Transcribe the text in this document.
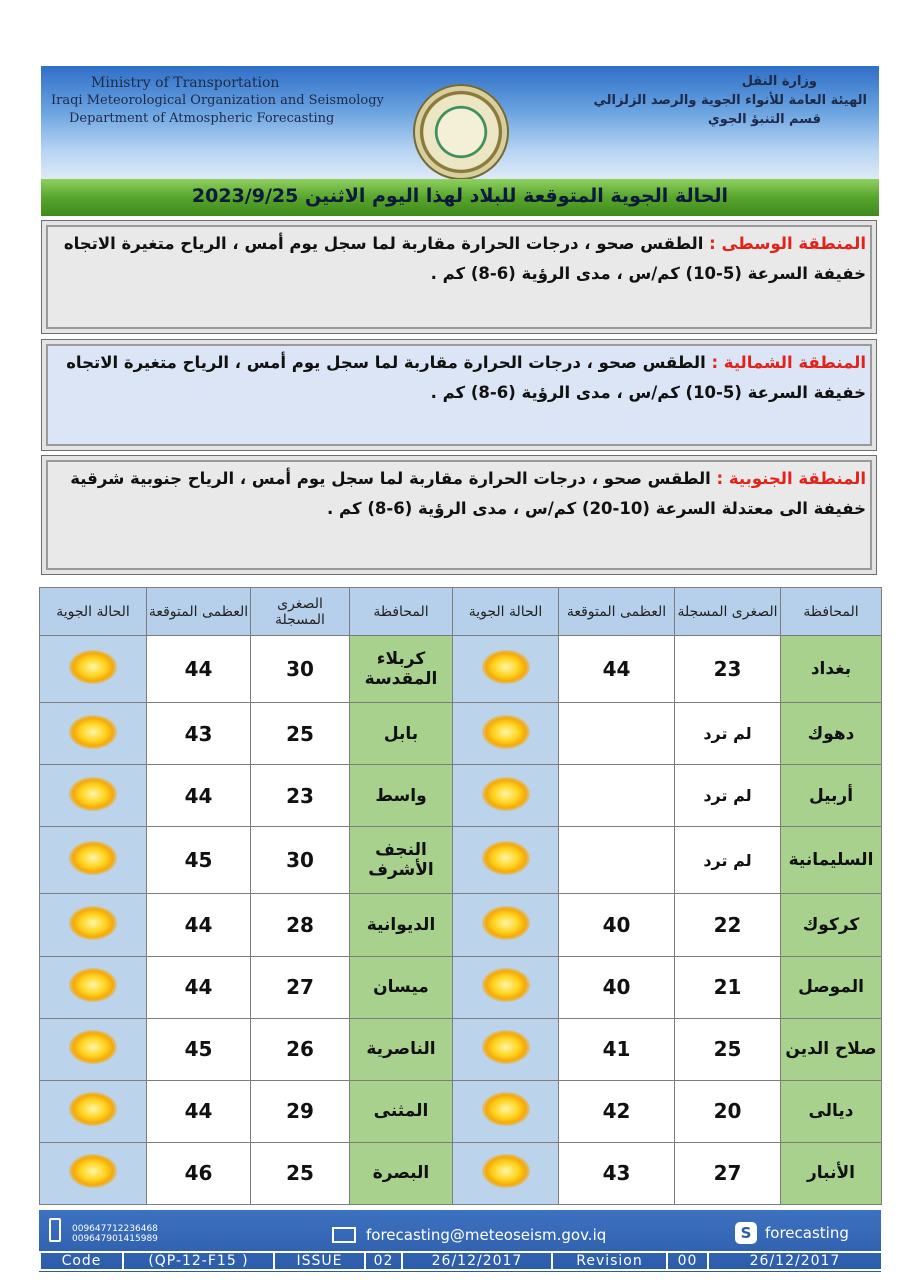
Ministry of Transportation
Iraqi Meteorological Organization and Seismology
Department of Atmospheric Forecasting
وزارة النقل
الهيئة العامة للأنواء الجوية والرصد الزلزالي
قسم التنبؤ الجوي
الحالة الجوية المتوقعة للبلاد لهذا اليوم الاثنين 2023/9/25
المنطقة الوسطى : الطقس صحو ، درجات الحرارة مقاربة لما سجل يوم أمس ، الرياح متغيرة الاتجاه خفيفة السرعة (5-10) كم/س ، مدى الرؤية (6-8) كم .
المنطقة الشمالية : الطقس صحو ، درجات الحرارة مقاربة لما سجل يوم أمس ، الرياح متغيرة الاتجاه خفيفة السرعة (5-10) كم/س ، مدى الرؤية (6-8) كم .
المنطقة الجنوبية : الطقس صحو ، درجات الحرارة مقاربة لما سجل يوم أمس ، الرياح جنوبية شرقية خفيفة الى معتدلة السرعة (10-20) كم/س ، مدى الرؤية (6-8) كم .
الحالة الجوية	العظمى المتوقعة	الصغرى المسجلة	المحافظة	الحالة الجوية	العظمى المتوقعة	الصغرى المسجلة	المحافظة
	44	30	كربلاء المقدسة		44	23	بغداد
	43	25	بابل			لم ترد	دهوك
	44	23	واسط			لم ترد	أربيل
	45	30	النجف الأشرف			لم ترد	السليمانية
	44	28	الديوانية		40	22	كركوك
	44	27	ميسان		40	21	الموصل
	45	26	الناصرية		41	25	صلاح الدين
	44	29	المثنى		42	20	ديالى
	46	25	البصرة		43	27	الأنبار
009647712236468
009647901415989	forecasting@meteoseism.gov.iq	S forecasting
Code	(QP-12-F15 )	ISSUE	02	26/12/2017	Revision	00	26/12/2017
